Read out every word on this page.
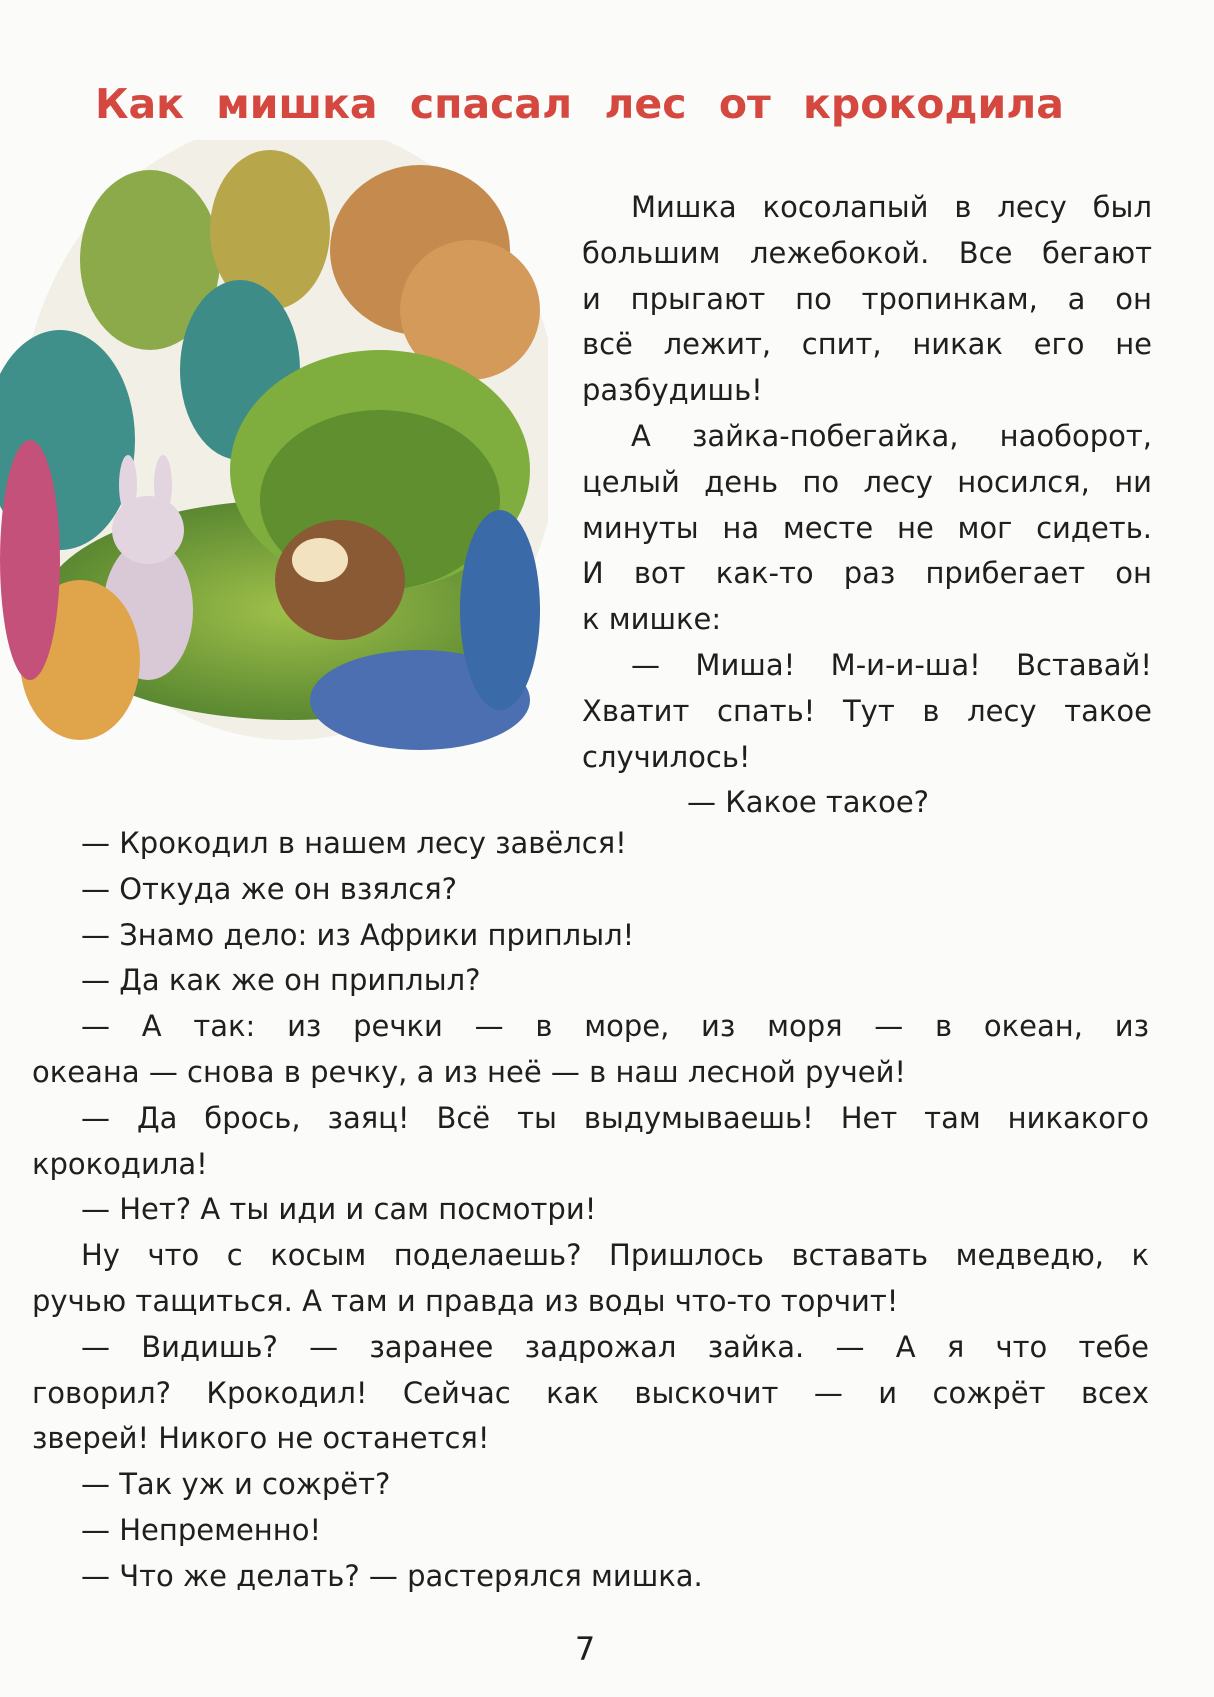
Как мишка спасал лес от крокодила
Мишка косолапый в лесу был
большим лежебокой. Все бегают
и прыгают по тропинкам, а он
всё лежит, спит, никак его не
разбудишь!
А зайка-побегайка, наоборот,
целый день по лесу носился, ни
минуты на месте не мог сидеть.
И вот как-то раз прибегает он
к мишке:
— Миша! М-и-и-ша! Вставай!
Хватит спать! Тут в лесу такое
случилось!
— Какое такое?
— Крокодил в нашем лесу завёлся!
— Откуда же он взялся?
— Знамо дело: из Африки приплыл!
— Да как же он приплыл?
— А так: из речки — в море, из моря — в океан, из
океана — снова в речку, а из неё — в наш лесной ручей!
— Да брось, заяц! Всё ты выдумываешь! Нет там никакого
крокодила!
— Нет? А ты иди и сам посмотри!
Ну что с косым поделаешь? Пришлось вставать медведю, к
ручью тащиться. А там и правда из воды что-то торчит!
— Видишь? — заранее задрожал зайка. — А я что тебе
говорил? Крокодил! Сейчас как выскочит — и сожрёт всех
зверей! Никого не останется!
— Так уж и сожрёт?
— Непременно!
— Что же делать? — растерялся мишка.
7
